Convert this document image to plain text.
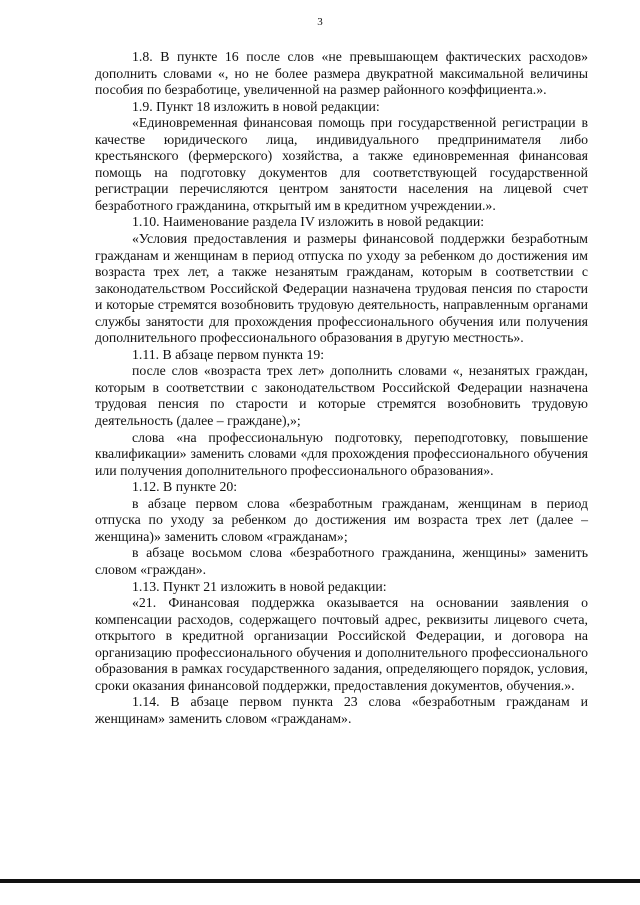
3

1.8. В пункте 16 после слов «не превышающем фактических расходов» дополнить словами «, но не более размера двукратной максимальной величины пособия по безработице, увеличенной на размер районного коэффициента.».

1.9. Пункт 18 изложить в новой редакции:

«Единовременная финансовая помощь при государственной регистрации в качестве юридического лица, индивидуального предпринимателя либо крестьянского (фермерского) хозяйства, а также единовременная финансовая помощь на подготовку документов для соответствующей государственной регистрации перечисляются центром занятости населения на лицевой счет безработного гражданина, открытый им в кредитном учреждении.».

1.10. Наименование раздела IV изложить в новой редакции:

«Условия предоставления и размеры финансовой поддержки безработным гражданам и женщинам в период отпуска по уходу за ребенком до достижения им возраста трех лет, а также незанятым гражданам, которым в соответствии с законодательством Российской Федерации назначена трудовая пенсия по старости и которые стремятся возобновить трудовую деятельность, направленным органами службы занятости для прохождения профессионального обучения или получения дополнительного профессионального образования в другую местность».

1.11. В абзаце первом пункта 19:

после слов «возраста трех лет» дополнить словами «, незанятых граждан, которым в соответствии с законодательством Российской Федерации назначена трудовая пенсия по старости и которые стремятся возобновить трудовую деятельность (далее – граждане),»;

слова «на профессиональную подготовку, переподготовку, повышение квалификации» заменить словами «для прохождения профессионального обучения или получения дополнительного профессионального образования».

1.12. В пункте 20:

в абзаце первом слова «безработным гражданам, женщинам в период отпуска по уходу за ребенком до достижения им возраста трех лет (далее – женщина)» заменить словом «гражданам»;

в абзаце восьмом слова «безработного гражданина, женщины» заменить словом «граждан».

1.13. Пункт 21 изложить в новой редакции:

«21. Финансовая поддержка оказывается на основании заявления о компенсации расходов, содержащего почтовый адрес, реквизиты лицевого счета, открытого в кредитной организации Российской Федерации, и договора на организацию профессионального обучения и дополнительного профессионального образования в рамках государственного задания, определяющего порядок, условия, сроки оказания финансовой поддержки, предоставления документов, обучения.».

1.14. В абзаце первом пункта 23 слова «безработным гражданам и женщинам» заменить словом «гражданам».
